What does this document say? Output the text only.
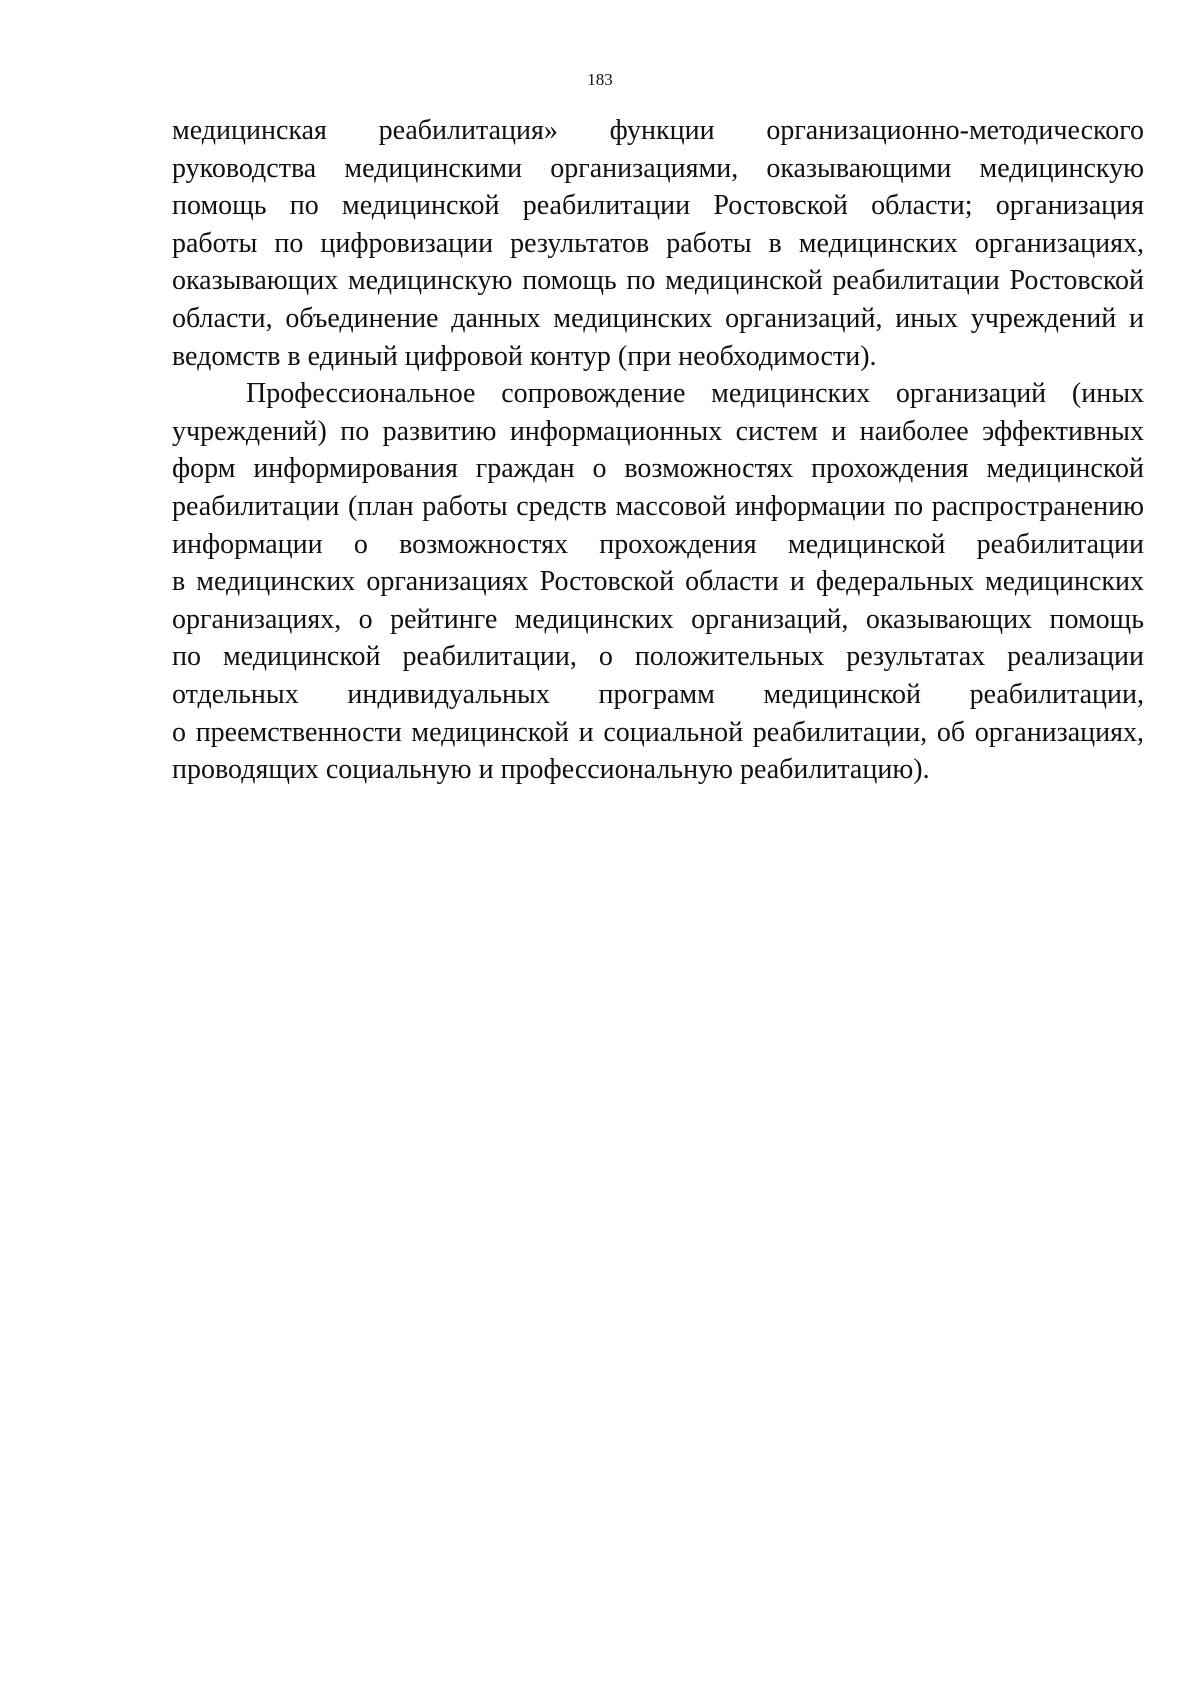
183
медицинская реабилитация» функции организационно-методического
руководства медицинскими организациями, оказывающими медицинскую
помощь по медицинской реабилитации Ростовской области; организация
работы по цифровизации результатов работы в медицинских организациях,
оказывающих медицинскую помощь по медицинской реабилитации Ростовской
области, объединение данных медицинских организаций, иных учреждений и
ведомств в единый цифровой контур (при необходимости).
Профессиональное сопровождение медицинских организаций (иных
учреждений) по развитию информационных систем и наиболее эффективных
форм информирования граждан о возможностях прохождения медицинской
реабилитации (план работы средств массовой информации по распространению
информации о возможностях прохождения медицинской реабилитации
в медицинских организациях Ростовской области и федеральных медицинских
организациях, о рейтинге медицинских организаций, оказывающих помощь
по медицинской реабилитации, о положительных результатах реализации
отдельных индивидуальных программ медицинской реабилитации,
о преемственности медицинской и социальной реабилитации, об организациях,
проводящих социальную и профессиональную реабилитацию).
